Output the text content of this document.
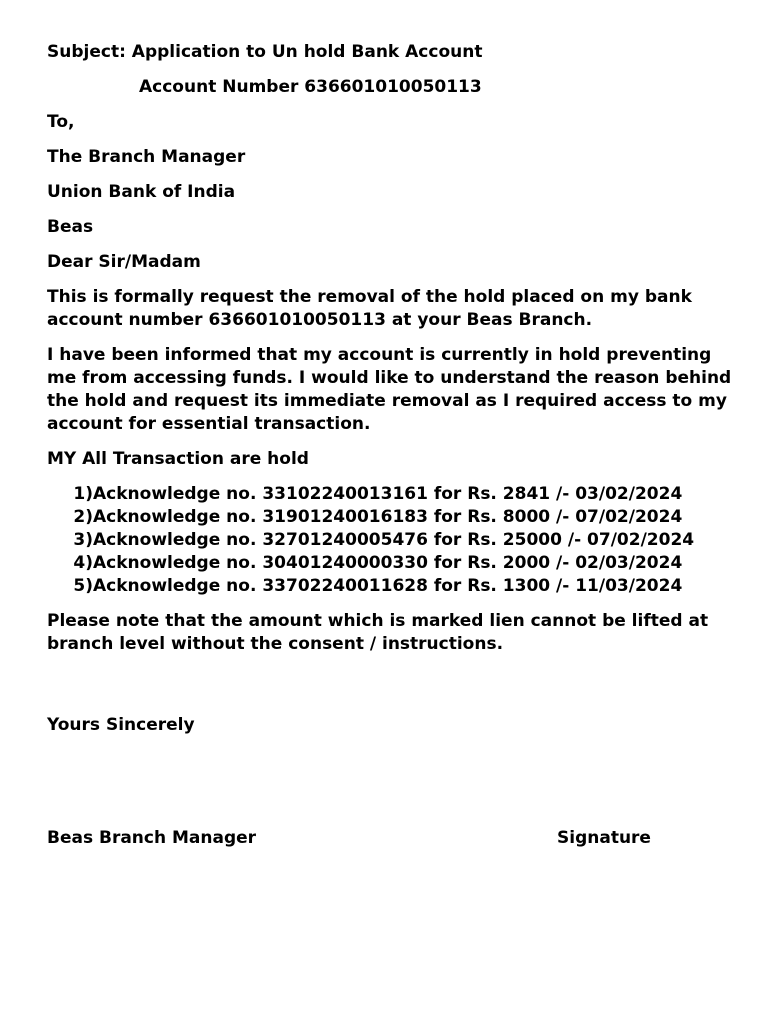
Subject: Application to Un hold Bank Account

Account Number 636601010050113

To,

The Branch Manager

Union Bank of India

Beas

Dear Sir/Madam

This is formally request the removal of the hold placed on my bank account number 636601010050113 at your Beas Branch.

I have been informed that my account is currently in hold preventing me from accessing funds. I would like to understand the reason behind the hold and request its immediate removal as I required access to my account for essential transaction.

MY All Transaction are hold

1) Acknowledge no. 33102240013161 for Rs. 2841 /- 03/02/2024
2) Acknowledge no. 31901240016183 for Rs. 8000 /- 07/02/2024
3) Acknowledge no. 32701240005476 for Rs. 25000 /- 07/02/2024
4) Acknowledge no. 30401240000330 for Rs. 2000 /- 02/03/2024
5) Acknowledge no. 33702240011628 for Rs. 1300 /- 11/03/2024

Please note that the amount which is marked lien cannot be lifted at branch level without the consent / instructions.

Yours Sincerely

Beas Branch Manager	Signature
